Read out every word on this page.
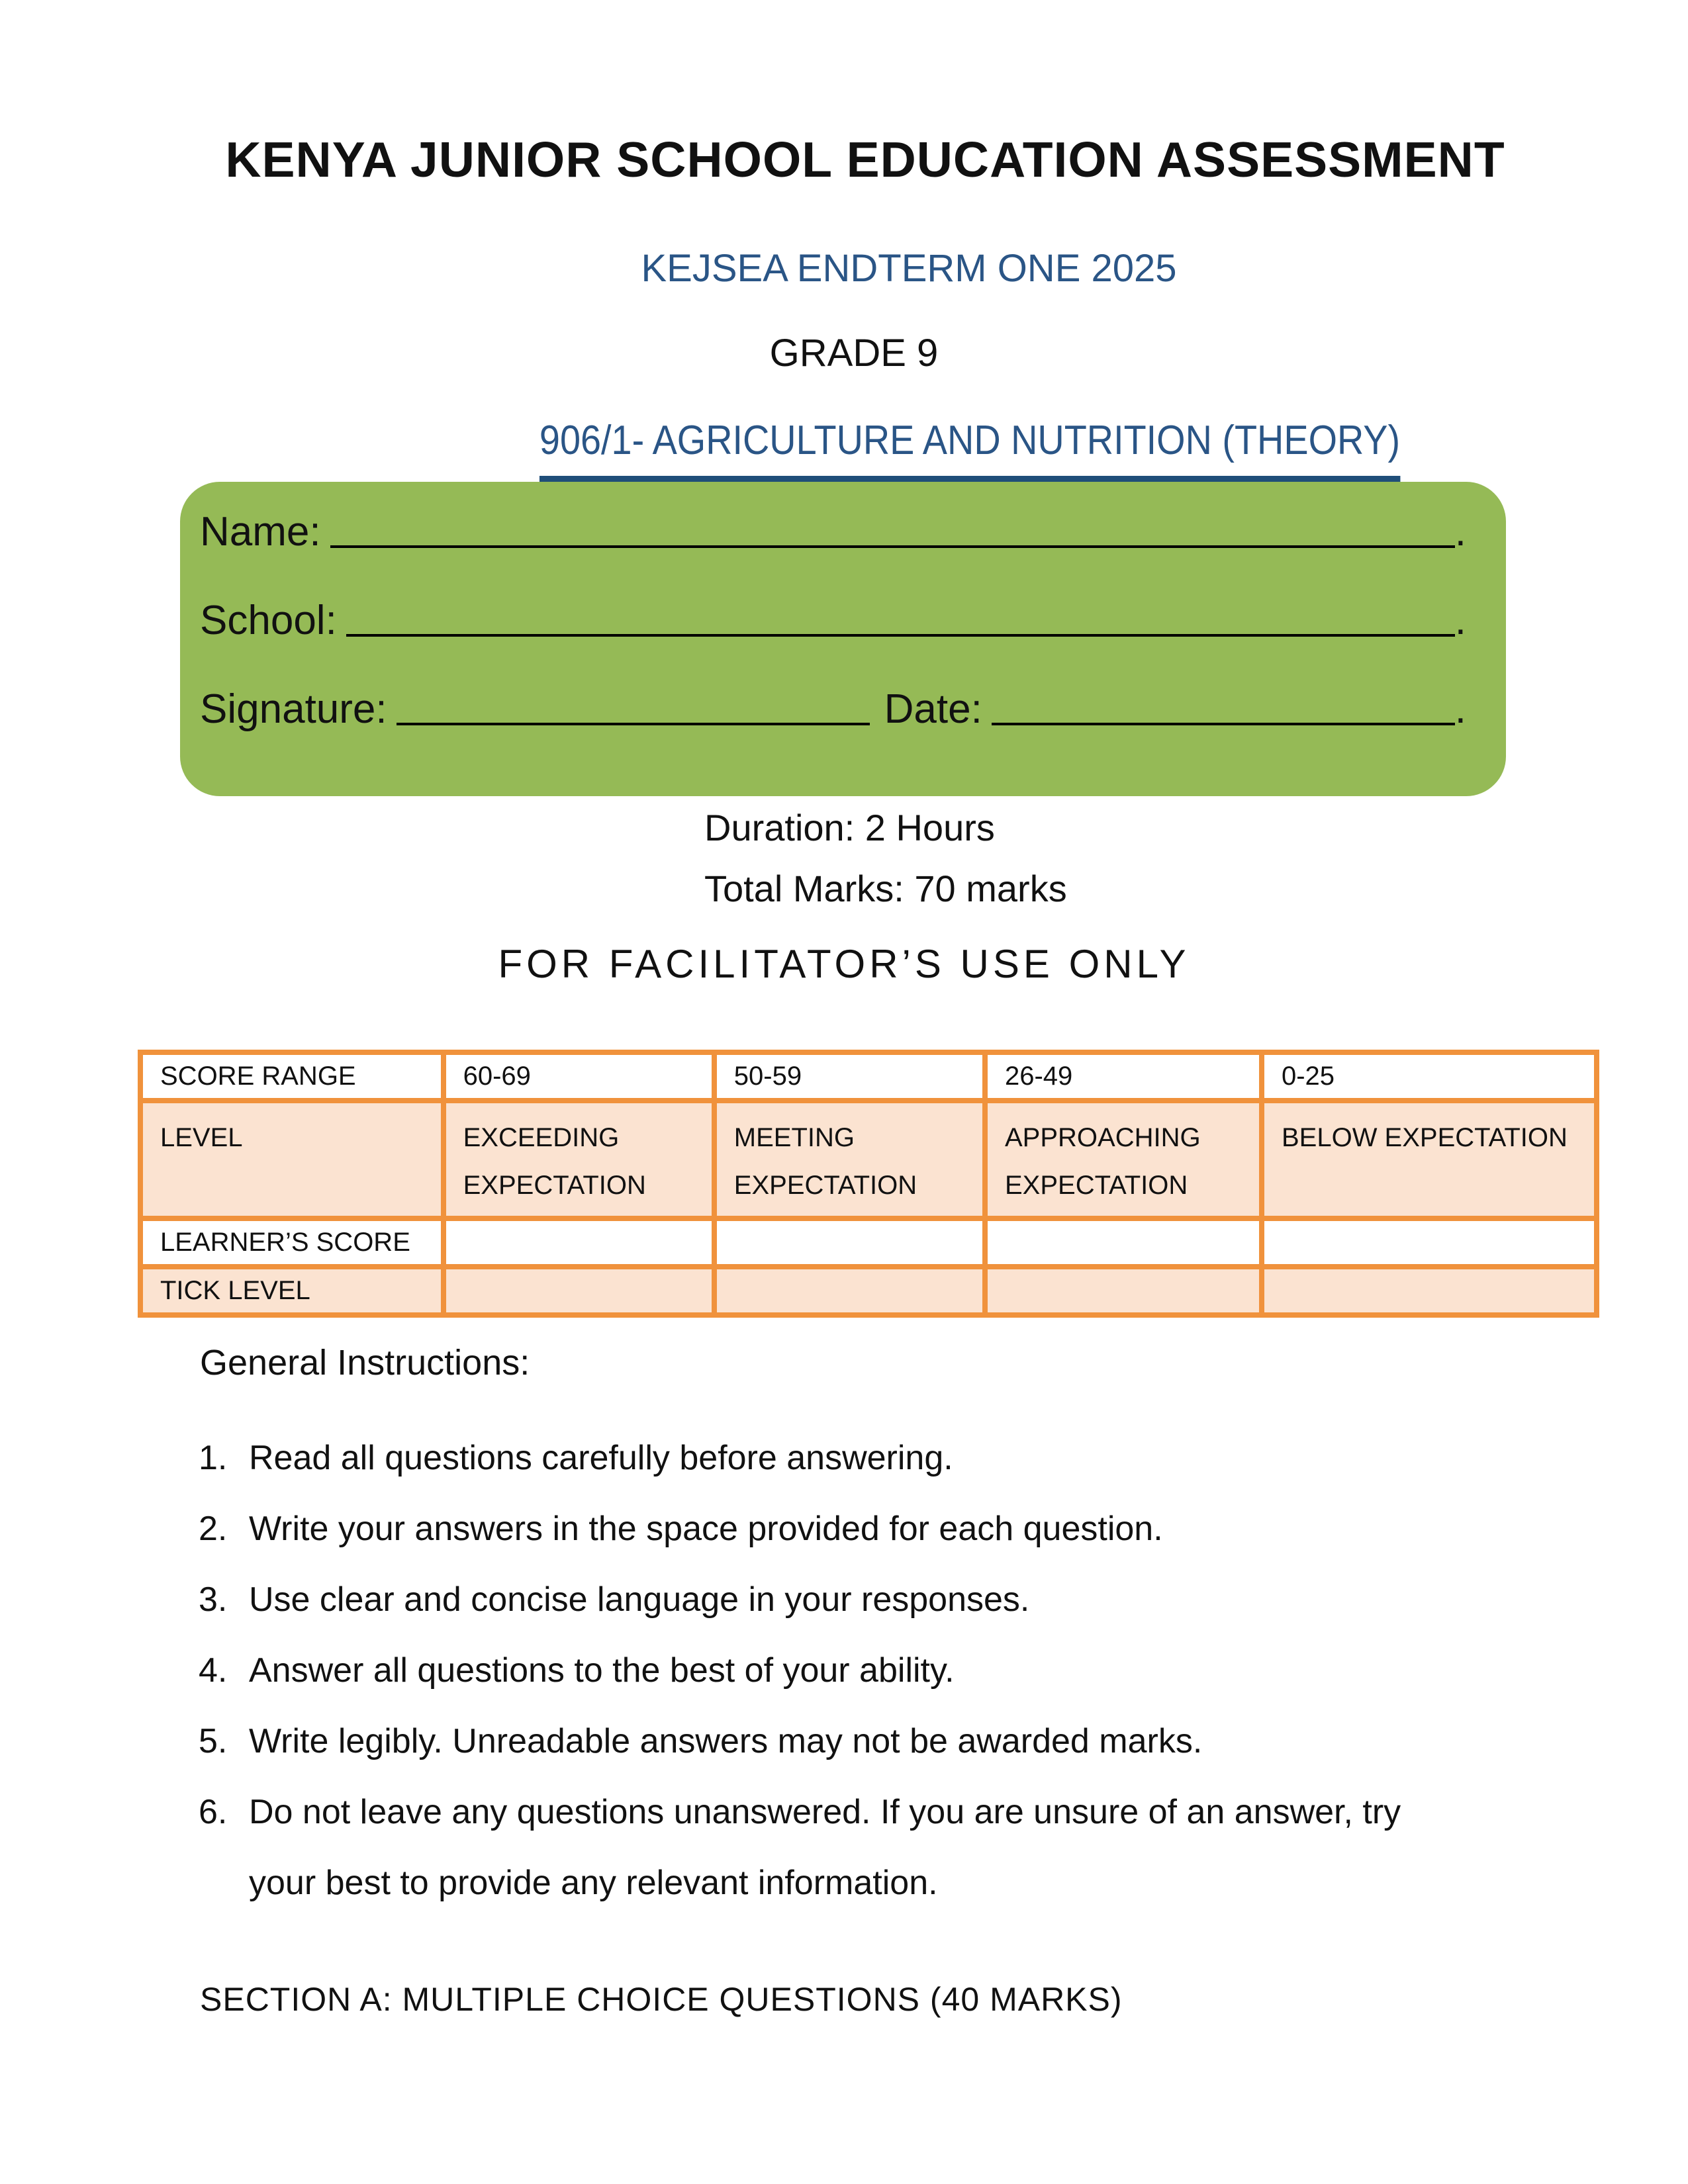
KENYA JUNIOR SCHOOL EDUCATION ASSESSMENT
KEJSEA ENDTERM ONE 2025
GRADE 9
906/1- AGRICULTURE AND NUTRITION (THEORY)
Name:	.
School:	.
Signature:	Date:	.
Duration: 2 Hours
Total Marks: 70 marks
FOR FACILITATOR’S USE ONLY
SCORE RANGE	60-69	50-59	26-49	0-25
LEVEL	EXCEEDING EXPECTATION	MEETING EXPECTATION	APPROACHING EXPECTATION	BELOW EXPECTATION
LEARNER’S SCORE				
TICK LEVEL				
General Instructions:
1. Read all questions carefully before answering.
2. Write your answers in the space provided for each question.
3. Use clear and concise language in your responses.
4. Answer all questions to the best of your ability.
5. Write legibly. Unreadable answers may not be awarded marks.
6. Do not leave any questions unanswered. If you are unsure of an answer, try your best to provide any relevant information.
SECTION A: MULTIPLE CHOICE QUESTIONS (40 MARKS)
